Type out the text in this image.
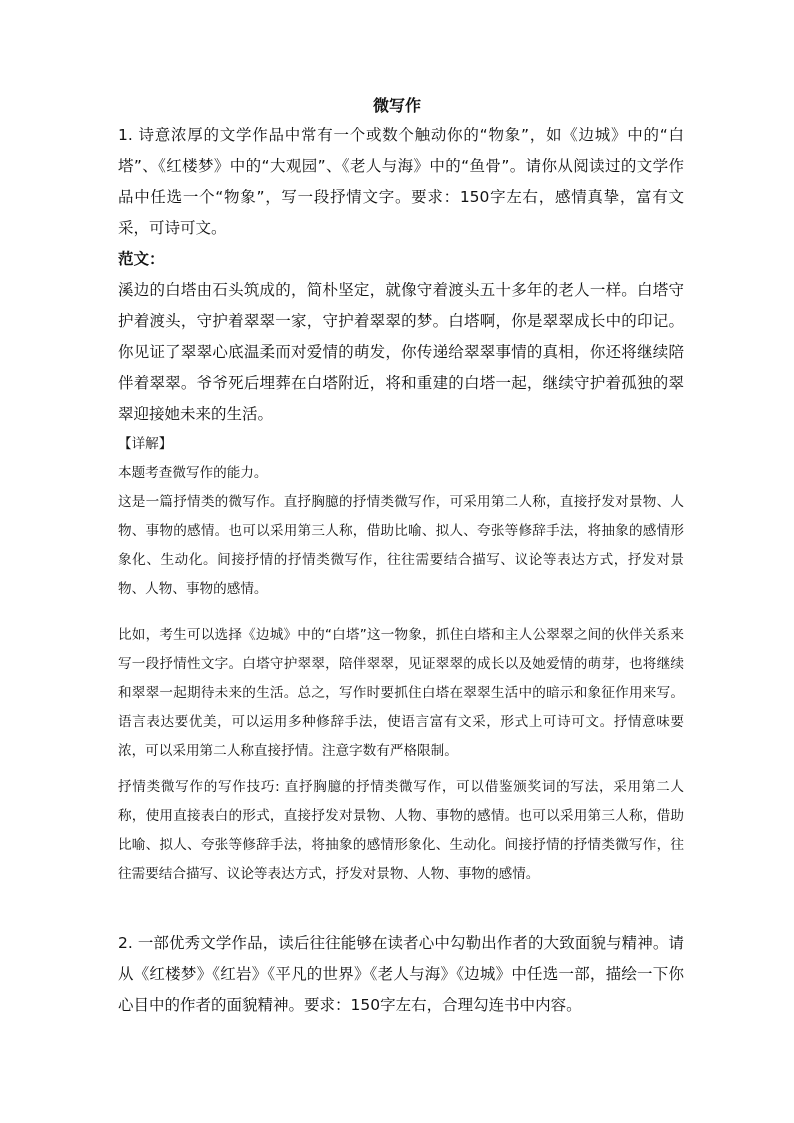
微写作
1. 诗意浓厚的文学作品中常有一个或数个触动你的“物象”，如《边城》中的“白塔”、《红楼梦》中的“大观园”、《老人与海》中的“鱼骨”。请你从阅读过的文学作品中任选一个“物象”，写一段抒情文字。要求：150字左右，感情真挚，富有文采，可诗可文。
范文：
溪边的白塔由石头筑成的，简朴坚定，就像守着渡头五十多年的老人一样。白塔守护着渡头，守护着翠翠一家，守护着翠翠的梦。白塔啊，你是翠翠成长中的印记。你见证了翠翠心底温柔而对爱情的萌发，你传递给翠翠事情的真相，你还将继续陪伴着翠翠。爷爷死后埋葬在白塔附近，将和重建的白塔一起，继续守护着孤独的翠翠迎接她未来的生活。
【详解】
本题考查微写作的能力。
这是一篇抒情类的微写作。直抒胸臆的抒情类微写作，可采用第二人称，直接抒发对景物、人物、事物的感情。也可以采用第三人称，借助比喻、拟人、夸张等修辞手法，将抽象的感情形象化、生动化。间接抒情的抒情类微写作，往往需要结合描写、议论等表达方式，抒发对景物、人物、事物的感情。
比如，考生可以选择《边城》中的“白塔”这一物象，抓住白塔和主人公翠翠之间的伙伴关系来写一段抒情性文字。白塔守护翠翠，陪伴翠翠，见证翠翠的成长以及她爱情的萌芽，也将继续和翠翠一起期待未来的生活。总之，写作时要抓住白塔在翠翠生活中的暗示和象征作用来写。语言表达要优美，可以运用多种修辞手法，使语言富有文采，形式上可诗可文。抒情意味要浓，可以采用第二人称直接抒情。注意字数有严格限制。
抒情类微写作的写作技巧: 直抒胸臆的抒情类微写作，可以借鉴颁奖词的写法，采用第二人称，使用直接表白的形式，直接抒发对景物、人物、事物的感情。也可以采用第三人称，借助比喻、拟人、夸张等修辞手法，将抽象的感情形象化、生动化。间接抒情的抒情类微写作，往往需要结合描写、议论等表达方式，抒发对景物、人物、事物的感情。
2. 一部优秀文学作品，读后往往能够在读者心中勾勒出作者的大致面貌与精神。请从《红楼梦》《红岩》《平凡的世界》《老人与海》《边城》中任选一部，描绘一下你心目中的作者的面貌精神。要求：150字左右，合理勾连书中内容。
